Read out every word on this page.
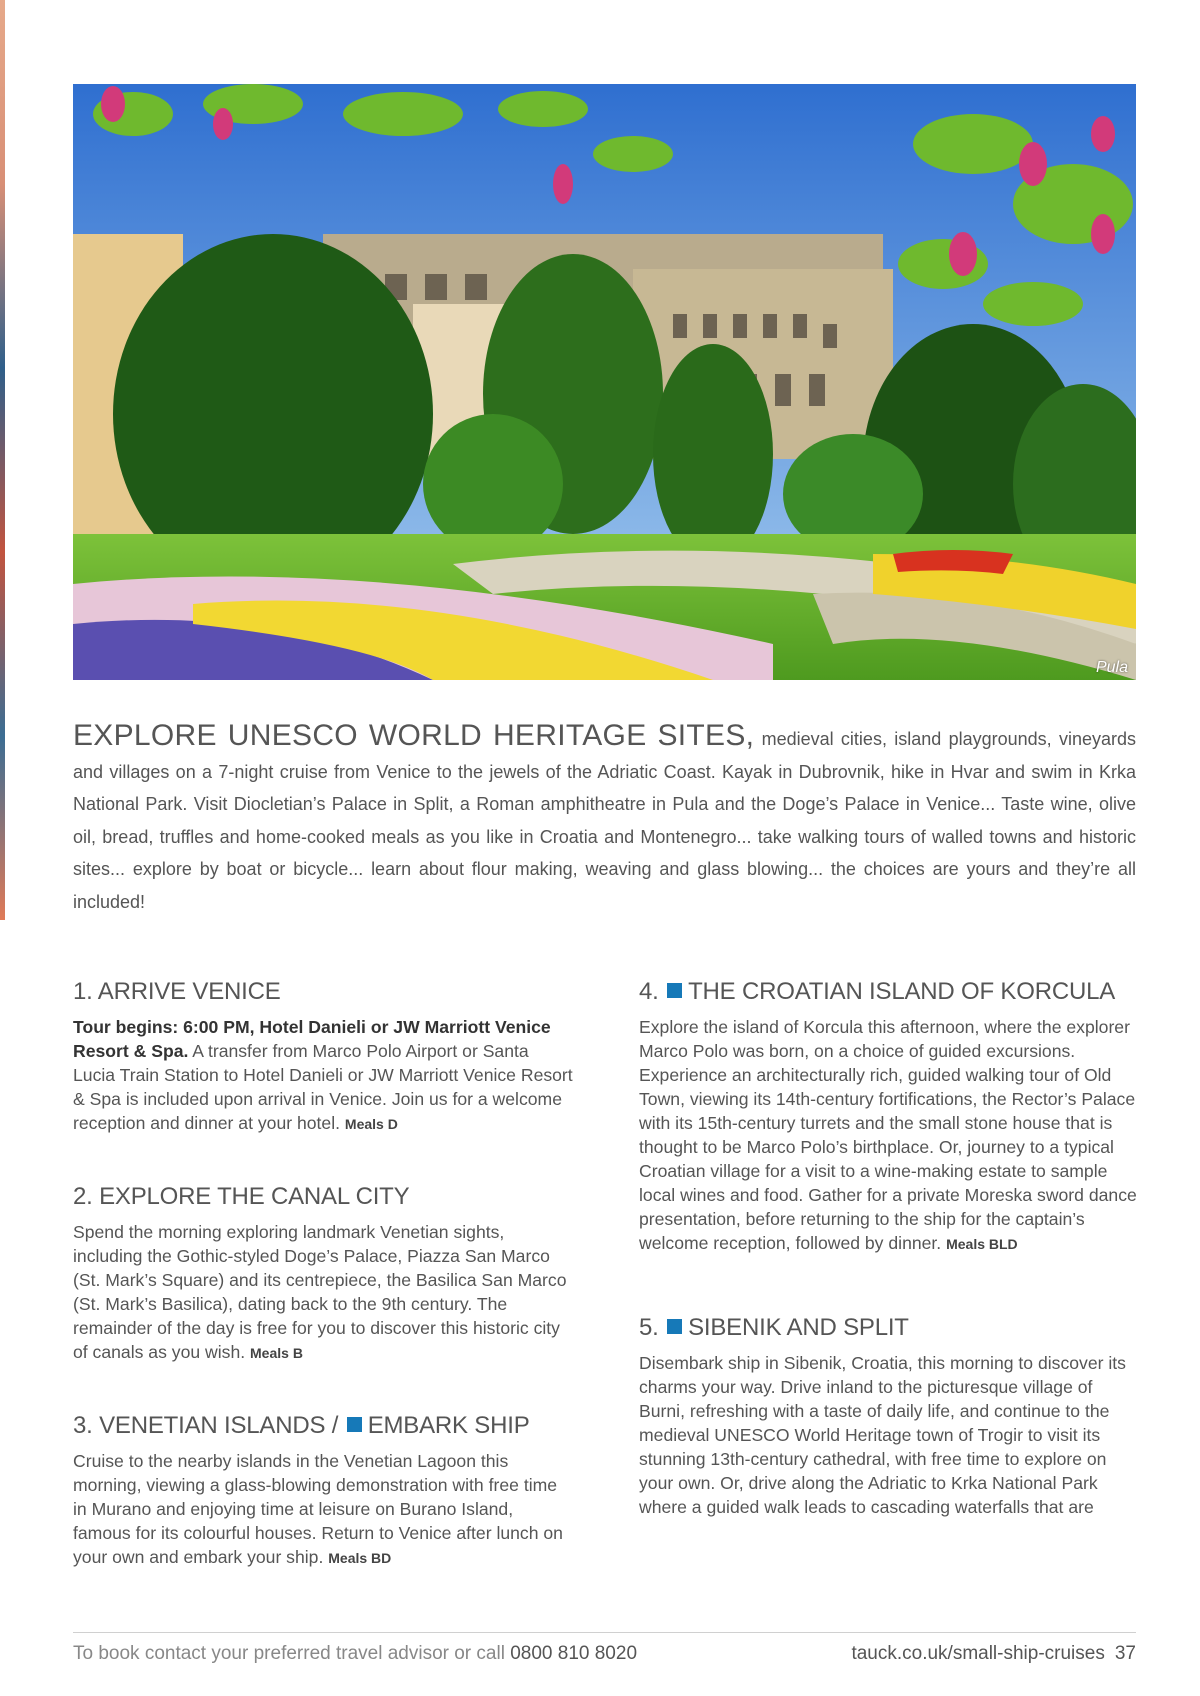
Pula

EXPLORE UNESCO WORLD HERITAGE SITES, medieval cities, island playgrounds, vineyards and villages on a 7-night cruise from Venice to the jewels of the Adriatic Coast. Kayak in Dubrovnik, hike in Hvar and swim in Krka National Park. Visit Diocletian’s Palace in Split, a Roman amphitheatre in Pula and the Doge’s Palace in Venice... Taste wine, olive oil, bread, truffles and home-cooked meals as you like in Croatia and Montenegro... take walking tours of walled towns and historic sites... explore by boat or bicycle... learn about flour making, weaving and glass blowing... the choices are yours and they’re all included!

1. ARRIVE VENICE

Tour begins: 6:00 PM, Hotel Danieli or JW Marriott Venice Resort & Spa. A transfer from Marco Polo Airport or Santa Lucia Train Station to Hotel Danieli or JW Marriott Venice Resort & Spa is included upon arrival in Venice. Join us for a welcome reception and dinner at your hotel. Meals D

2. EXPLORE THE CANAL CITY

Spend the morning exploring landmark Venetian sights, including the Gothic-styled Doge’s Palace, Piazza San Marco (St. Mark’s Square) and its centrepiece, the Basilica San Marco (St. Mark’s Basilica), dating back to the 9th century. The remainder of the day is free for you to discover this historic city of canals as you wish. Meals B

3. VENETIAN ISLANDS / EMBARK SHIP

Cruise to the nearby islands in the Venetian Lagoon this morning, viewing a glass-blowing demonstration with free time in Murano and enjoying time at leisure on Burano Island, famous for its colourful houses. Return to Venice after lunch on your own and embark your ship. Meals BD

4. THE CROATIAN ISLAND OF KORCULA

Explore the island of Korcula this afternoon, where the explorer Marco Polo was born, on a choice of guided excursions. Experience an architecturally rich, guided walking tour of Old Town, viewing its 14th-century fortifications, the Rector’s Palace with its 15th-century turrets and the small stone house that is thought to be Marco Polo’s birthplace. Or, journey to a typical Croatian village for a visit to a wine-making estate to sample local wines and food. Gather for a private Moreska sword dance presentation, before returning to the ship for the captain’s welcome reception, followed by dinner. Meals BLD

5. SIBENIK AND SPLIT

Disembark ship in Sibenik, Croatia, this morning to discover its charms your way. Drive inland to the picturesque village of Burni, refreshing with a taste of daily life, and continue to the medieval UNESCO World Heritage town of Trogir to visit its stunning 13th-century cathedral, with free time to explore on your own. Or, drive along the Adriatic to Krka National Park where a guided walk leads to cascading waterfalls that are

To book contact your preferred travel advisor or call 0800 810 8020	tauck.co.uk/small-ship-cruises 37
